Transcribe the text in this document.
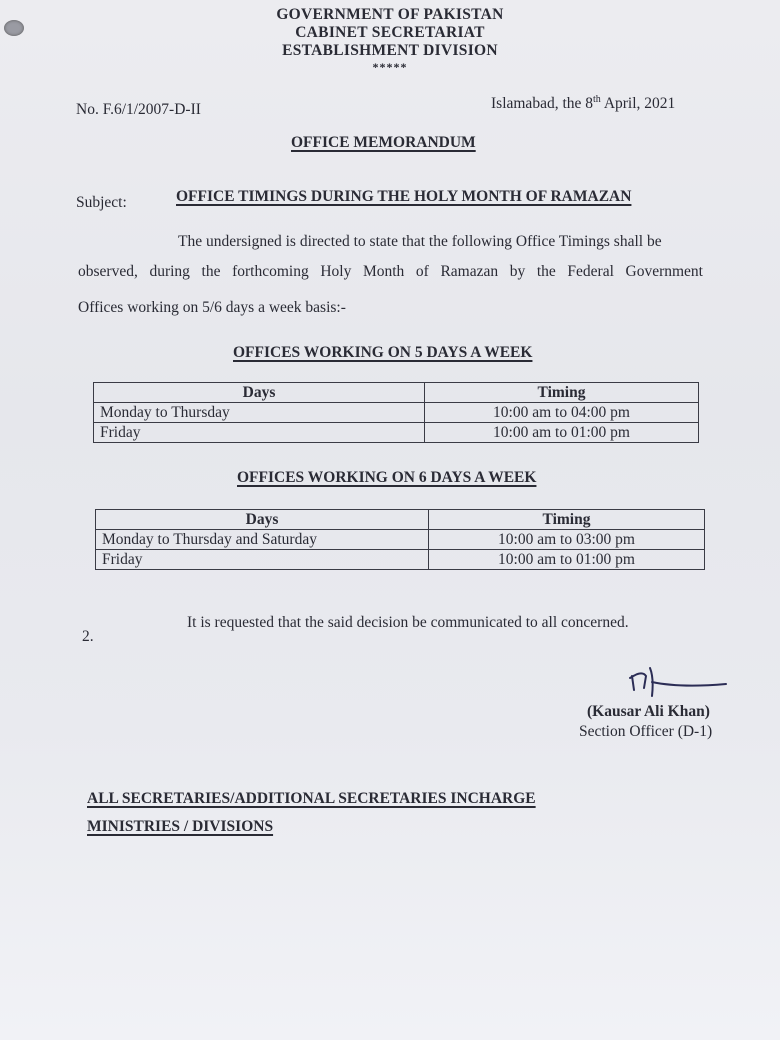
GOVERNMENT OF PAKISTAN
CABINET SECRETARIAT
ESTABLISHMENT DIVISION
*****
No. F.6/1/2007-D-II	Islamabad, the 8th April, 2021
OFFICE MEMORANDUM
Subject:	OFFICE TIMINGS DURING THE HOLY MONTH OF RAMAZAN
The undersigned is directed to state that the following Office Timings shall be
observed, during the forthcoming Holy Month of Ramazan by the Federal Government
Offices working on 5/6 days a week basis:-
OFFICES WORKING ON 5 DAYS A WEEK
Days	Timing
Monday to Thursday	10:00 am to 04:00 pm
Friday	10:00 am to 01:00 pm
OFFICES WORKING ON 6 DAYS A WEEK
Days	Timing
Monday to Thursday and Saturday	10:00 am to 03:00 pm
Friday	10:00 am to 01:00 pm
2.
It is requested that the said decision be communicated to all concerned.
(Kausar Ali Khan)
Section Officer (D-1)
ALL SECRETARIES/ADDITIONAL SECRETARIES INCHARGE
MINISTRIES / DIVISIONS
